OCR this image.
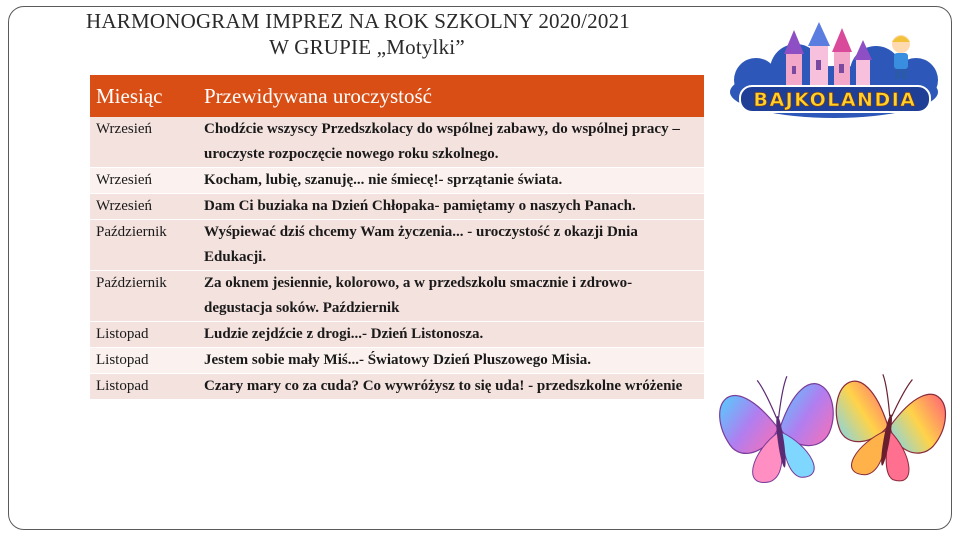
HARMONOGRAM IMPREZ NA ROK SZKOLNY 2020/2021
W GRUPIE „Motylki”
Miesiąc	Przewidywana uroczystość
Wrzesień	Chodźcie wszyscy Przedszkolacy do wspólnej zabawy, do wspólnej pracy – uroczyste rozpoczęcie nowego roku szkolnego.
Wrzesień	Kocham, lubię, szanuję... nie śmiecę!- sprzątanie świata.
Wrzesień	Dam Ci buziaka na Dzień Chłopaka- pamiętamy o naszych Panach.
Październik	Wyśpiewać dziś chcemy Wam życzenia... - uroczystość z okazji Dnia Edukacji.
Październik	Za oknem jesiennie, kolorowo, a w przedszkolu smacznie i zdrowo- degustacja soków. Październik
Listopad	Ludzie zejdźcie z drogi...- Dzień Listonosza.
Listopad	Jestem sobie mały Miś...- Światowy Dzień Pluszowego Misia.
Listopad	Czary mary co za cuda? Co wywróżysz to się uda! - przedszkolne wróżenie
BAJKOLANDIA
